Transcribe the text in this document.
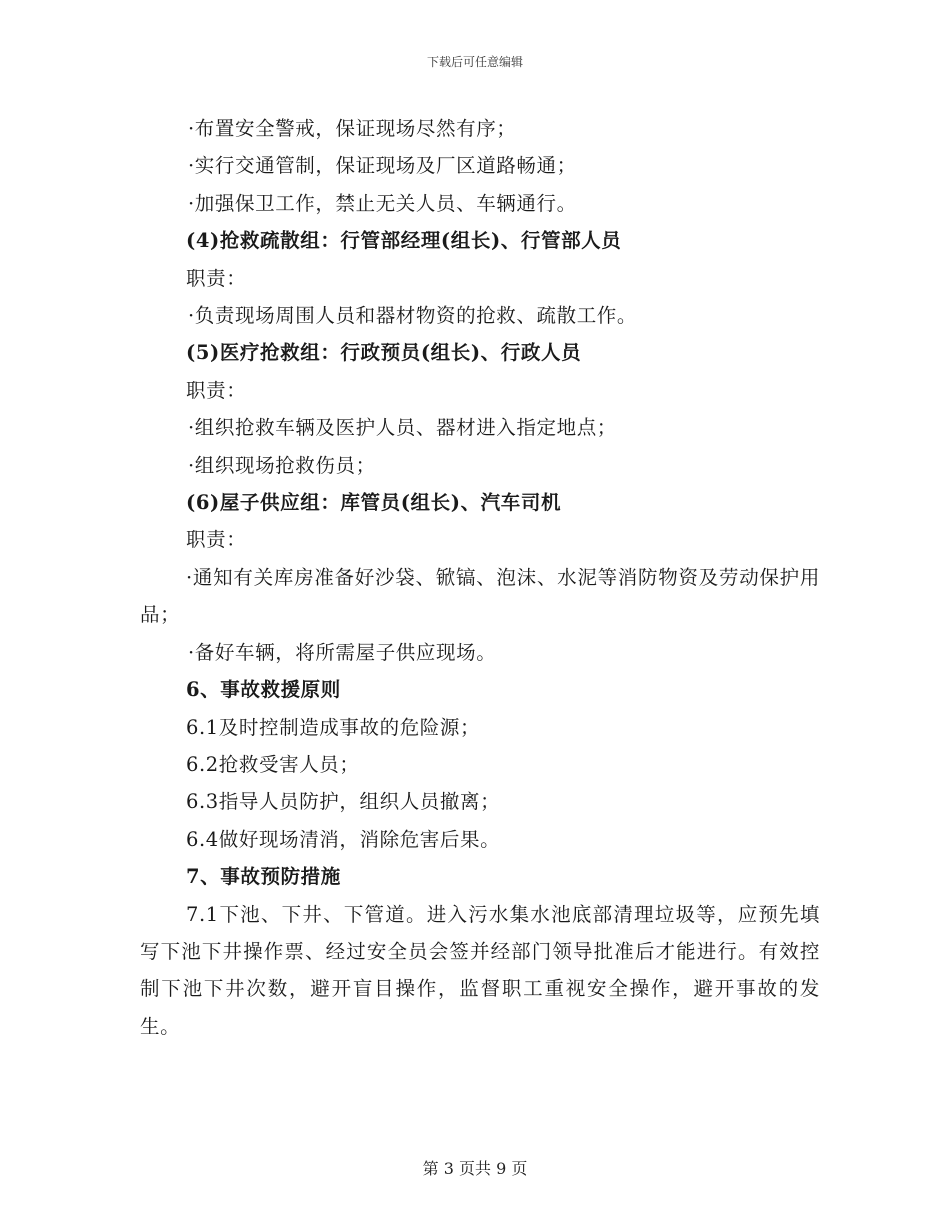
下载后可任意编辑

·布置安全警戒，保证现场尽然有序；

·实行交通管制，保证现场及厂区道路畅通；

·加强保卫工作，禁止无关人员、车辆通行。

(4)抢救疏散组：行管部经理(组长)、行管部人员

职责：

·负责现场周围人员和器材物资的抢救、疏散工作。

(5)医疗抢救组：行政预员(组长)、行政人员

职责：

·组织抢救车辆及医护人员、器材进入指定地点；

·组织现场抢救伤员；

(6)屋子供应组：库管员(组长)、汽车司机

职责：

·通知有关库房准备好沙袋、锨镐、泡沫、水泥等消防物资及劳动保护用品；

·备好车辆，将所需屋子供应现场。

6、事故救援原则

6.1及时控制造成事故的危险源；

6.2抢救受害人员；

6.3指导人员防护，组织人员撤离；

6.4做好现场清消，消除危害后果。

7、事故预防措施

7.1下池、下井、下管道。进入污水集水池底部清理垃圾等，应预先填写下池下井操作票、经过安全员会签并经部门领导批准后才能进行。有效控制下池下井次数，避开盲目操作，监督职工重视安全操作，避开事故的发生。

第 3 页共 9 页
